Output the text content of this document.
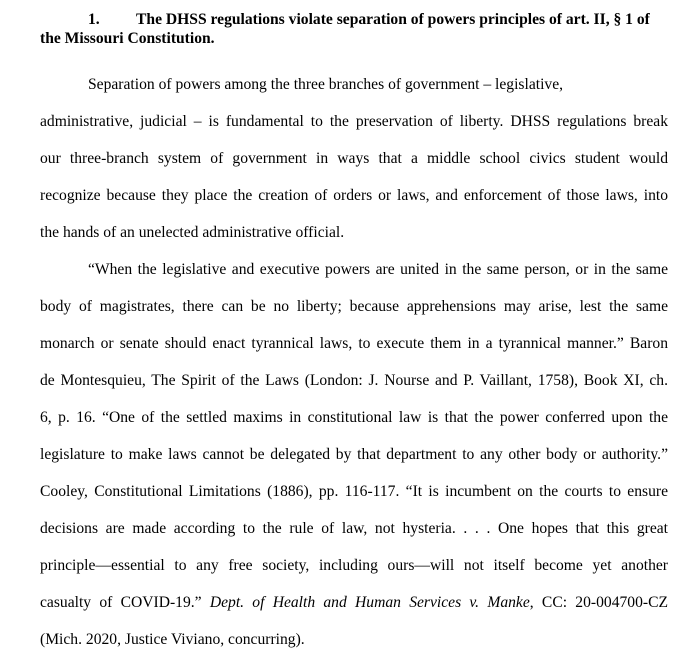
1. The DHSS regulations violate separation of powers principles of art. II, § 1 of
the Missouri Constitution.

Separation of powers among the three branches of government – legislative,
administrative, judicial – is fundamental to the preservation of liberty. DHSS regulations break
our three-branch system of government in ways that a middle school civics student would
recognize because they place the creation of orders or laws, and enforcement of those laws, into
the hands of an unelected administrative official.
“When the legislative and executive powers are united in the same person, or in the same
body of magistrates, there can be no liberty; because apprehensions may arise, lest the same
monarch or senate should enact tyrannical laws, to execute them in a tyrannical manner.” Baron
de Montesquieu, The Spirit of the Laws (London: J. Nourse and P. Vaillant, 1758), Book XI, ch.
6, p. 16. “One of the settled maxims in constitutional law is that the power conferred upon the
legislature to make laws cannot be delegated by that department to any other body or authority.”
Cooley, Constitutional Limitations (1886), pp. 116-117. “It is incumbent on the courts to ensure
decisions are made according to the rule of law, not hysteria. . . . One hopes that this great
principle—essential to any free society, including ours—will not itself become yet another
casualty of COVID-19.” Dept. of Health and Human Services v. Manke, CC: 20-004700-CZ
(Mich. 2020, Justice Viviano, concurring).
